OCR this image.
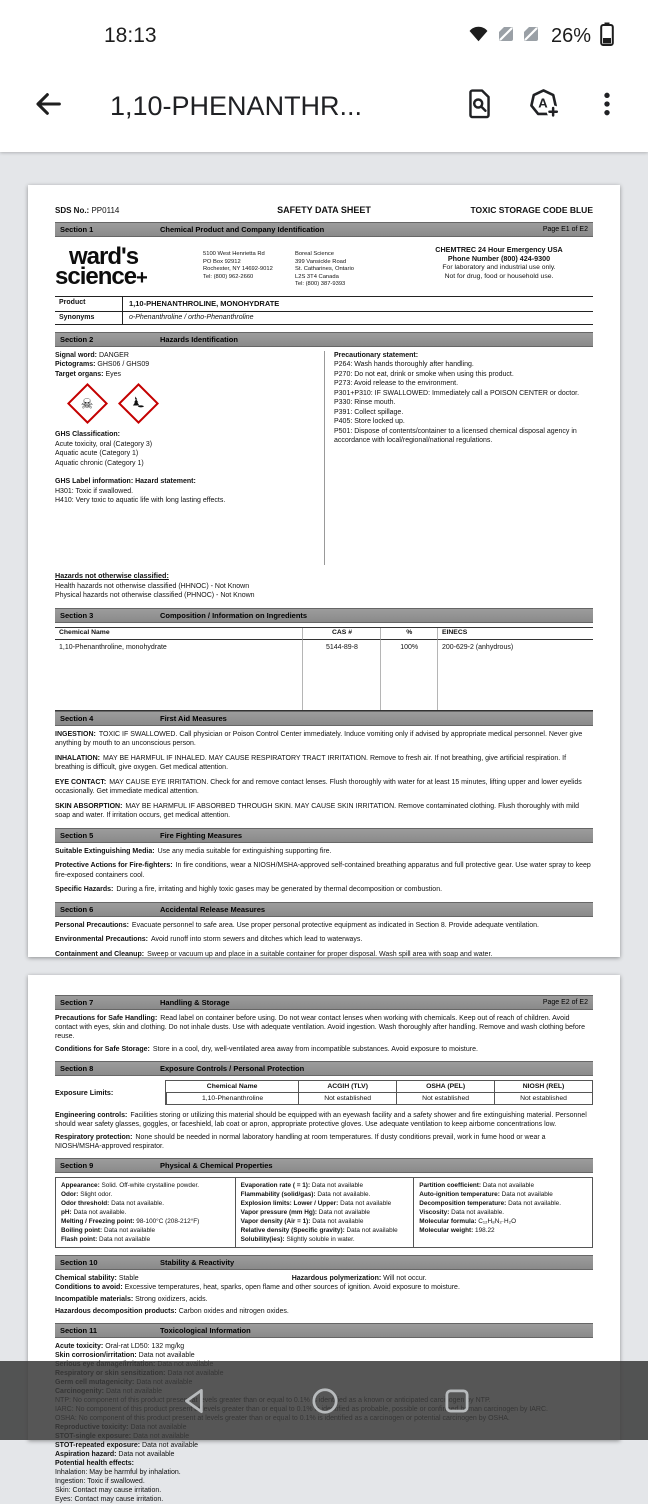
18:13	26%
1,10-PHENANTHR...	A
SDS No.: PP0114	SAFETY DATA SHEET	TOXIC STORAGE CODE BLUE
Section 1	Chemical Product and Company Identification	Page E1 of E2
ward's
science+
5100 West Henrietta Rd
PO Box 92912
Rochester, NY 14692-9012
Tel: (800) 962-2660
Boreal Science
399 Vansickle Road
St. Catharines, Ontario
L2S 3T4 Canada
Tel: (800) 387-9393
CHEMTREC 24 Hour Emergency USA
Phone Number (800) 424-9300
For laboratory and industrial use only.
Not for drug, food or household use.
Product	1,10-PHENANTHROLINE, MONOHYDRATE
Synonyms	o-Phenanthroline / ortho-Phenanthroline
Section 2	Hazards Identification

Signal word: DANGER

Pictograms: GHS06 / GHS09

Target organs: Eyes

☠

GHS Classification:

Acute toxicity, oral (Category 3)

Aquatic acute (Category 1)

Aquatic chronic (Category 1)

GHS Label information: Hazard statement:

H301: Toxic if swallowed.

H410: Very toxic to aquatic life with long lasting effects.

Precautionary statement:

P264: Wash hands thoroughly after handling.

P270: Do not eat, drink or smoke when using this product.

P273: Avoid release to the environment.

P301+P310: IF SWALLOWED: Immediately call a POISON CENTER or doctor.

P330: Rinse mouth.

P391: Collect spillage.

P405: Store locked up.

P501: Dispose of contents/container to a licensed chemical disposal agency in accordance with local/regional/national regulations.

Hazards not otherwise classified:

Health hazards not otherwise classified (HHNOC) - Not Known

Physical hazards not otherwise classified (PHNOC) - Not Known

Section 3	Composition / Information on Ingredients
Chemical Name	CAS #	%	EINECS
1,10-Phenanthroline, monohydrate	5144-89-8	100%	200-629-2 (anhydrous)
Section 4	First Aid Measures

INGESTION: TOXIC IF SWALLOWED. Call physician or Poison Control Center immediately. Induce vomiting only if advised by appropriate medical personnel. Never give anything by mouth to an unconscious person.

INHALATION: MAY BE HARMFUL IF INHALED. MAY CAUSE RESPIRATORY TRACT IRRITATION. Remove to fresh air. If not breathing, give artificial respiration. If breathing is difficult, give oxygen. Get medical attention.

EYE CONTACT: MAY CAUSE EYE IRRITATION. Check for and remove contact lenses. Flush thoroughly with water for at least 15 minutes, lifting upper and lower eyelids occasionally. Get immediate medical attention.

SKIN ABSORPTION: MAY BE HARMFUL IF ABSORBED THROUGH SKIN. MAY CAUSE SKIN IRRITATION. Remove contaminated clothing. Flush thoroughly with mild soap and water. If irritation occurs, get medical attention.

Section 5	Fire Fighting Measures

Suitable Extinguishing Media: Use any media suitable for extinguishing supporting fire.

Protective Actions for Fire-fighters: In fire conditions, wear a NIOSH/MSHA-approved self-contained breathing apparatus and full protective gear. Use water spray to keep fire-exposed containers cool.

Specific Hazards: During a fire, irritating and highly toxic gases may be generated by thermal decomposition or combustion.

Section 6	Accidental Release Measures

Personal Precautions: Evacuate personnel to safe area. Use proper personal protective equipment as indicated in Section 8. Provide adequate ventilation.

Environmental Precautions: Avoid runoff into storm sewers and ditches which lead to waterways.

Containment and Cleanup: Sweep or vacuum up and place in a suitable container for proper disposal. Wash spill area with soap and water.

Section 7	Handling & Storage	Page E2 of E2

Precautions for Safe Handling: Read label on container before using. Do not wear contact lenses when working with chemicals. Keep out of reach of children. Avoid contact with eyes, skin and clothing. Do not inhale dusts. Use with adequate ventilation. Avoid ingestion. Wash thoroughly after handling. Remove and wash clothing before reuse.

Conditions for Safe Storage: Store in a cool, dry, well-ventilated area away from incompatible substances. Avoid exposure to moisture.

Section 8	Exposure Controls / Personal Protection
Exposure Limits:
Chemical Name	ACGIH (TLV)	OSHA (PEL)	NIOSH (REL)
1,10-Phenanthroline	Not established	Not established	Not established

Engineering controls: Facilities storing or utilizing this material should be equipped with an eyewash facility and a safety shower and fire extinguishing material. Personnel should wear safety glasses, goggles, or faceshield, lab coat or apron, appropriate protective gloves. Use adequate ventilation to keep airborne concentrations low.

Respiratory protection: None should be needed in normal laboratory handling at room temperatures. If dusty conditions prevail, work in fume hood or wear a NIOSH/MSHA-approved respirator.

Section 9	Physical & Chemical Properties

Appearance: Solid. Off-white crystalline powder.

Odor: Slight odor.

Odor threshold: Data not available.

pH: Data not available.

Melting / Freezing point: 98-100°C (208-212°F)

Boiling point: Data not available

Flash point: Data not available

Evaporation rate ( = 1): Data not available

Flammability (solid/gas): Data not available.

Explosion limits: Lower / Upper: Data not available

Vapor pressure (mm Hg): Data not available

Vapor density (Air = 1): Data not available

Relative density (Specific gravity): Data not available

Solubility(ies): Slightly soluble in water.

Partition coefficient: Data not available

Auto-ignition temperature: Data not available

Decomposition temperature: Data not available.

Viscosity: Data not available.

Molecular formula: C₁₂H₈N₂·H₂O

Molecular weight: 198.22

Section 10	Stability & Reactivity

Chemical stability: Stable	Hazardous polymerization: Will not occur.

Conditions to avoid: Excessive temperatures, heat, sparks, open flame and other sources of ignition. Avoid exposure to moisture.

Incompatible materials: Strong oxidizers, acids.

Hazardous decomposition products: Carbon oxides and nitrogen oxides.

Section 11	Toxicological Information

Acute toxicity: Oral-rat LD50: 132 mg/kg

Skin corrosion/irritation: Data not available

STOT-repeated exposure: Data not available

Aspiration hazard: Data not available

Potential health effects:

Inhalation: May be harmful by inhalation.

Ingestion: Toxic if swallowed.

Skin: Contact may cause irritation.

Eyes: Contact may cause irritation.
